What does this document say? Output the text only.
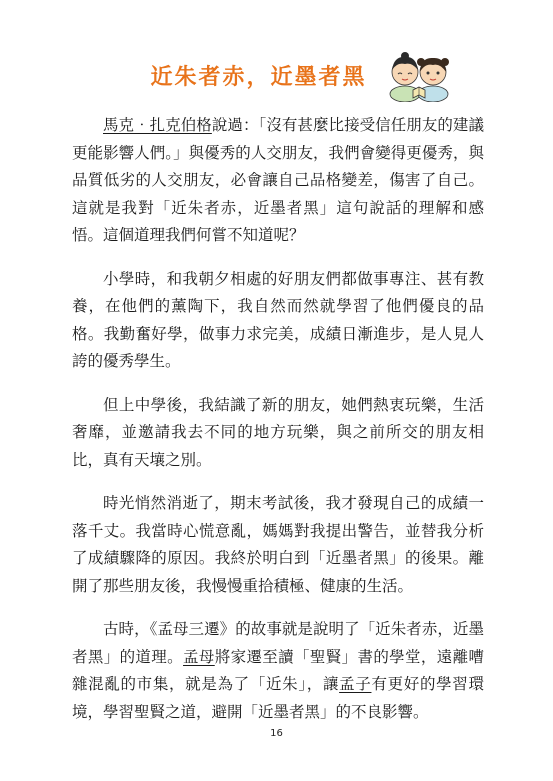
近朱者赤，近墨者黑

馬克‧扎克伯格說過：「沒有甚麼比接受信任朋友的建議更能影響人們。」與優秀的人交朋友，我們會變得更優秀，與品質低劣的人交朋友，必會讓自己品格變差，傷害了自己。這就是我對「近朱者赤，近墨者黑」這句說話的理解和感悟。這個道理我們何嘗不知道呢？

小學時，和我朝夕相處的好朋友們都做事專注、甚有教養，在他們的薰陶下，我自然而然就學習了他們優良的品格。我勤奮好學，做事力求完美，成績日漸進步，是人見人誇的優秀學生。

但上中學後，我結識了新的朋友，她們熱衷玩樂，生活奢靡，並邀請我去不同的地方玩樂，與之前所交的朋友相比，真有天壤之別。

時光悄然消逝了，期末考試後，我才發現自己的成績一落千丈。我當時心慌意亂，媽媽對我提出警告，並替我分析了成績驟降的原因。我終於明白到「近墨者黑」的後果。離開了那些朋友後，我慢慢重拾積極、健康的生活。

古時，《孟母三遷》的故事就是說明了「近朱者赤，近墨者黑」的道理。孟母將家遷至讀「聖賢」書的學堂，遠離嘈雜混亂的市集，就是為了「近朱」，讓孟子有更好的學習環境，學習聖賢之道，避開「近墨者黑」的不良影響。

16
